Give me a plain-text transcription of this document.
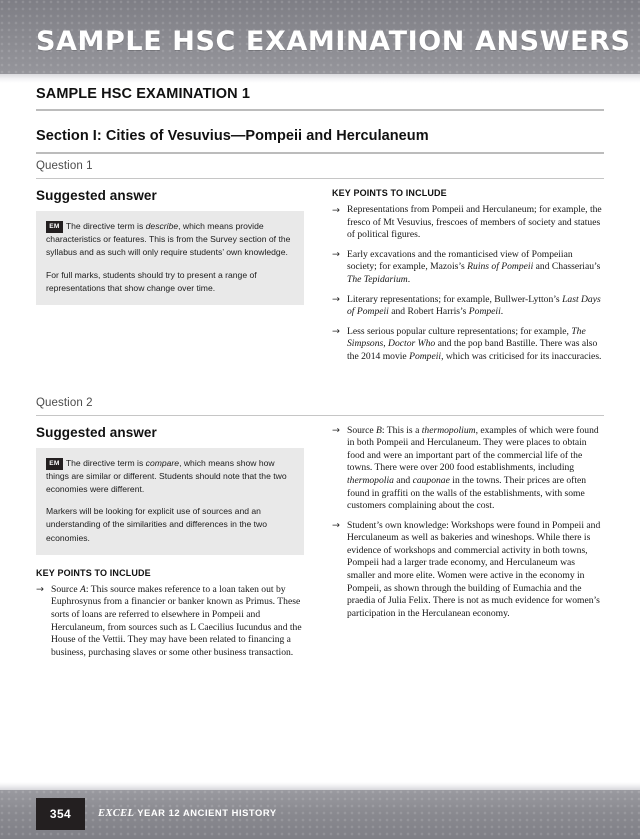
SAMPLE HSC EXAMINATION ANSWERS
SAMPLE HSC EXAMINATION 1
Section I: Cities of Vesuvius—Pompeii and Herculaneum
Question 1
Suggested answer

EM The directive term is describe, which means provide characteristics or features. This is from the Survey section of the syllabus and as such will only require students’ own knowledge.

For full marks, students should try to present a range of representations that show change over time.

KEY POINTS TO INCLUDE
→ Representations from Pompeii and Herculaneum; for example, the fresco of Mt Vesuvius, frescoes of members of society and statues of political figures.
→ Early excavations and the romanticised view of Pompeiian society; for example, Mazois’s Ruins of Pompeii and Chasseriau’s The Tepidarium.
→ Literary representations; for example, Bullwer-Lytton’s Last Days of Pompeii and Robert Harris’s Pompeii.
→ Less serious popular culture representations; for example, The Simpsons, Doctor Who and the pop band Bastille. There was also the 2014 movie Pompeii, which was criticised for its inaccuracies.
Question 2
Suggested answer

EM The directive term is compare, which means show how things are similar or different. Students should note that the two economies were different.

Markers will be looking for explicit use of sources and an understanding of the similarities and differences in the two economies.

KEY POINTS TO INCLUDE
→ Source A: This source makes reference to a loan taken out by Euphrosynus from a financier or banker known as Primus. These sorts of loans are referred to elsewhere in Pompeii and Herculaneum, from sources such as L Caecilius Iucundus and the House of the Vettii. They may have been related to financing a business, purchasing slaves or some other business transaction.
→ Source B: This is a thermopolium, examples of which were found in both Pompeii and Herculaneum. They were places to obtain food and were an important part of the commercial life of the towns. There were over 200 food establishments, including thermopolia and cauponae in the towns. Their prices are often found in graffiti on the walls of the establishments, with some customers complaining about the cost.
→ Student’s own knowledge: Workshops were found in Pompeii and Herculaneum as well as bakeries and wineshops. While there is evidence of workshops and commercial activity in both towns, Pompeii had a larger trade economy, and Herculaneum was smaller and more elite. Women were active in the economy in Pompeii, as shown through the building of Eumachia and the praedia of Julia Felix. There is not as much evidence for women’s participation in the Herculanean economy.
354	EXCEL YEAR 12 ANCIENT HISTORY
